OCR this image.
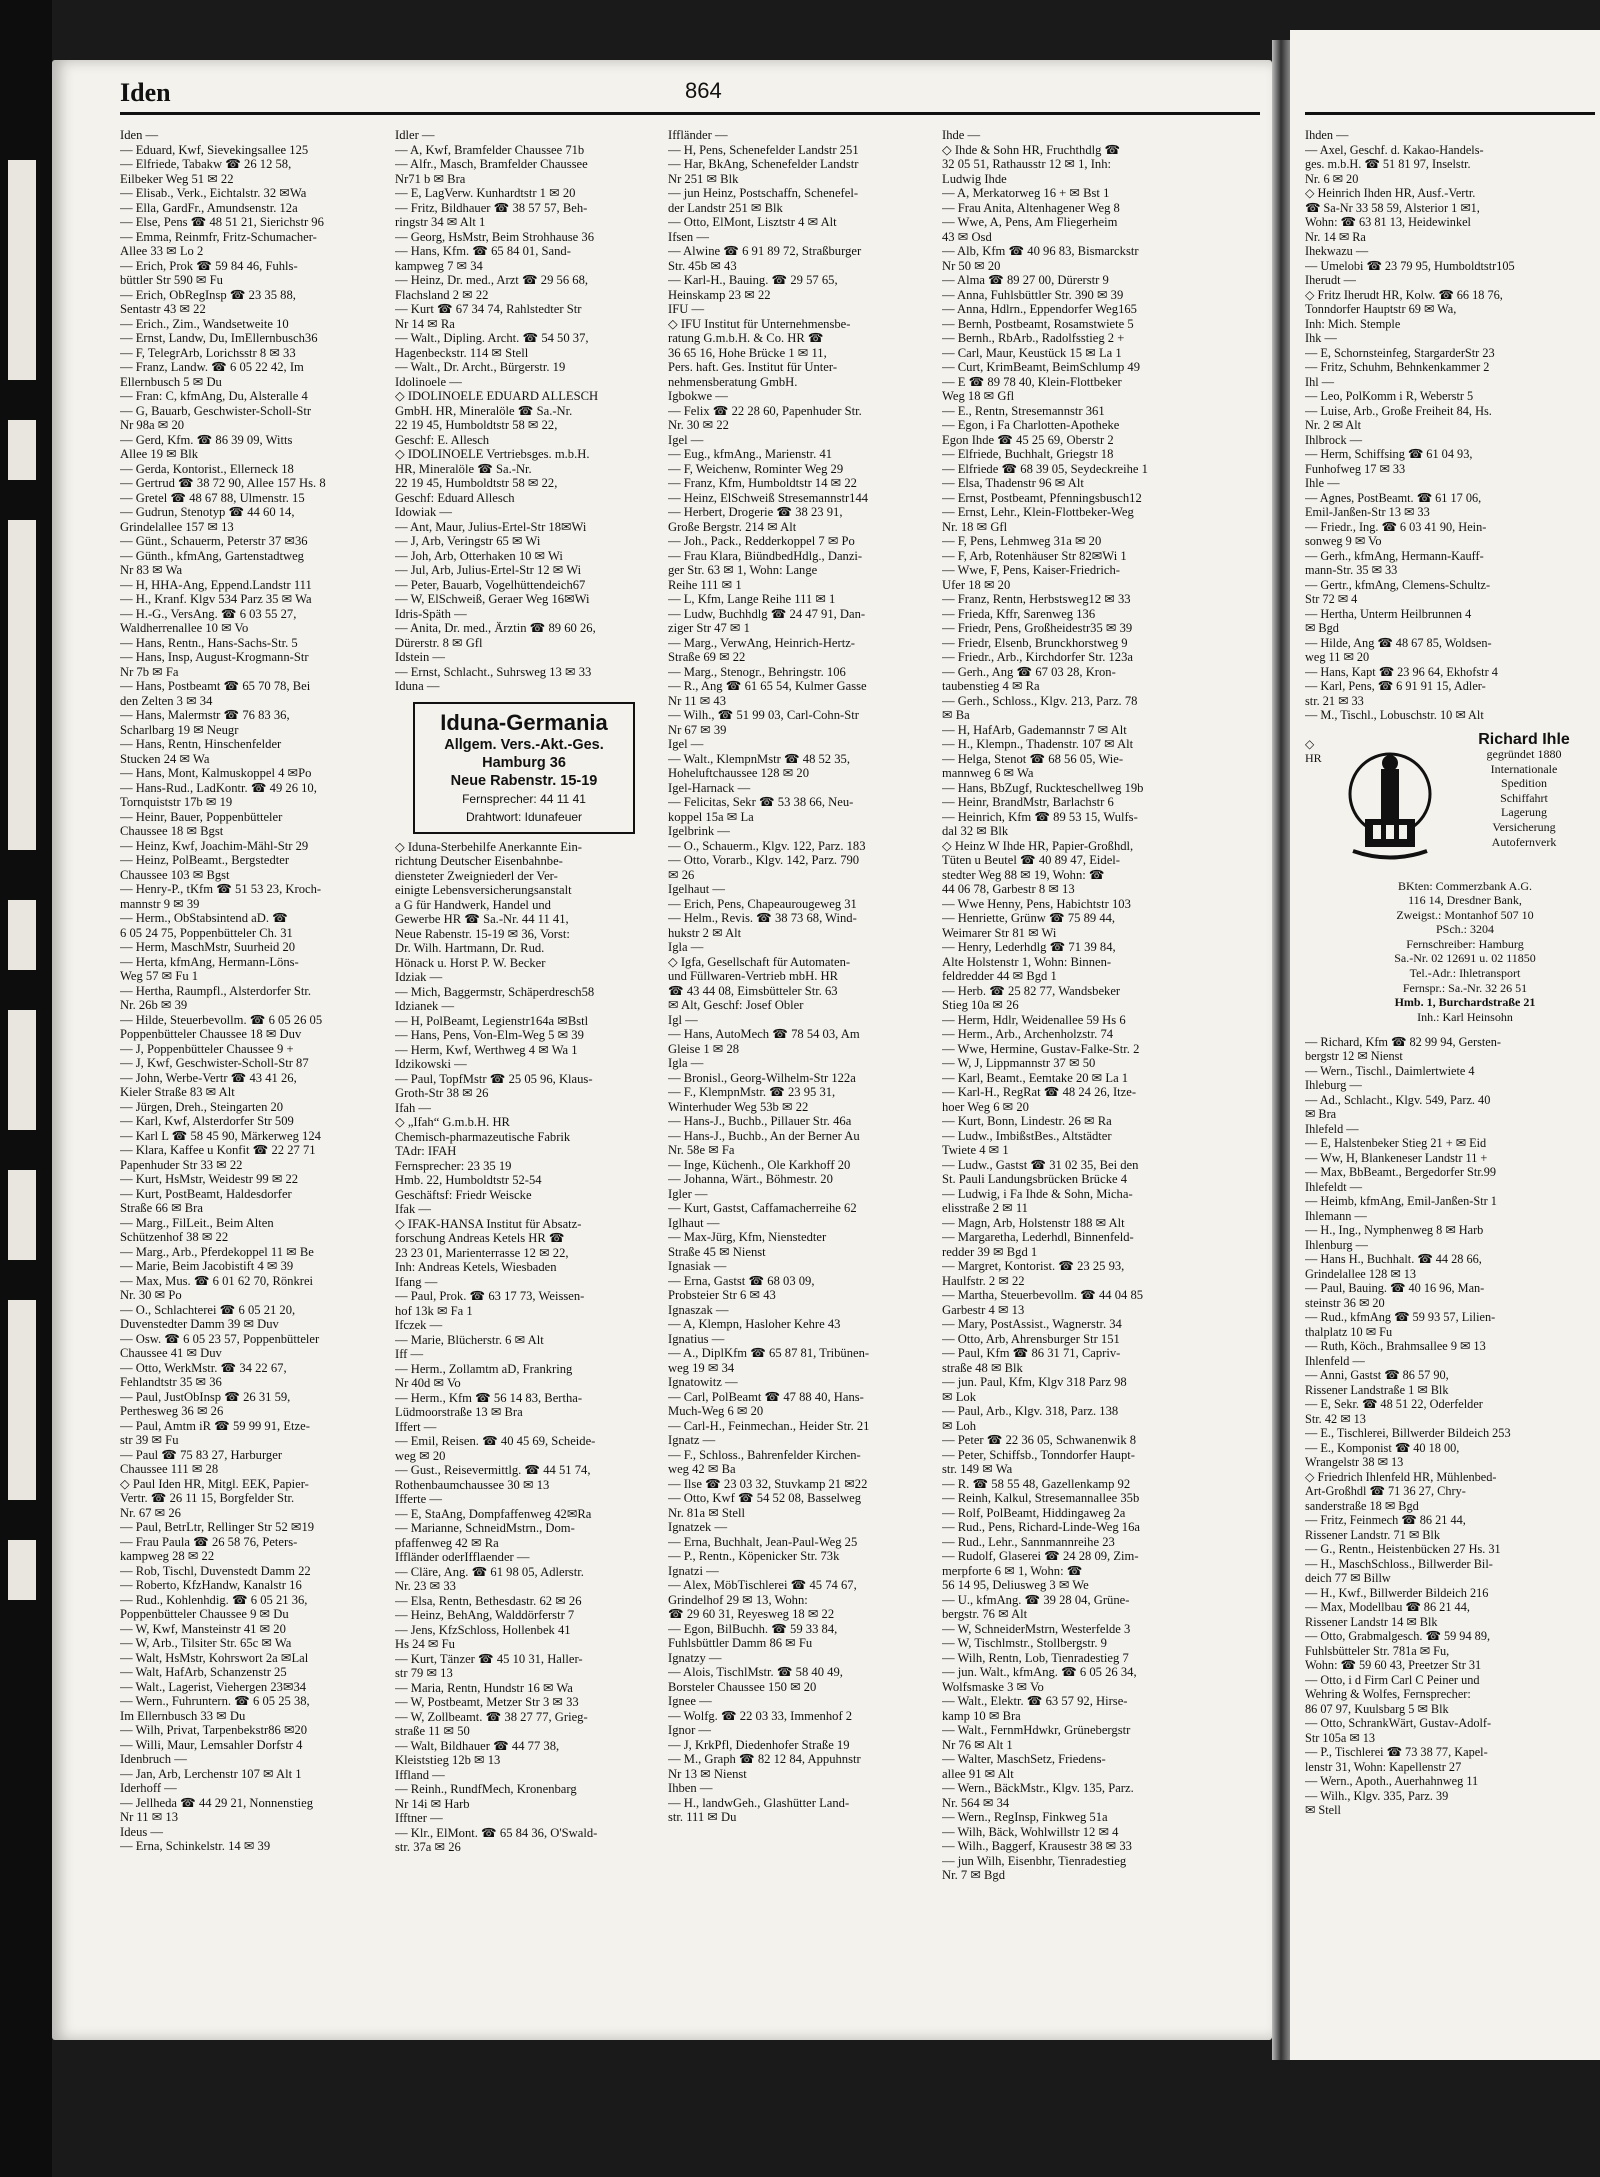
Iden	864

Iden —

— Eduard, Kwf, Sievekingsallee 125

— Elfriede, Tabakw ☎ 26 12 58,

Eilbeker Weg 51 ✉ 22

— Elisab., Verk., Eichtalstr. 32 ✉Wa

— Ella, GardFr., Amundsenstr. 12a

— Else, Pens ☎ 48 51 21, Sierichstr 96

— Emma, Reinmfr, Fritz-Schumacher-

Allee 33 ✉ Lo 2

— Erich, Prok ☎ 59 84 46, Fuhls-

büttler Str 590 ✉ Fu

— Erich, ObRegInsp ☎ 23 35 88,

Sentastr 43 ✉ 22

— Erich., Zim., Wandsetweite 10

— Ernst, Landw, Du, ImEllernbusch36

— F, TelegrArb, Lorichsstr 8 ✉ 33

— Franz, Landw. ☎ 6 05 22 42, Im

Ellernbusch 5 ✉ Du

— Fran: C, kfmAng, Du, Alsteralle 4

— G, Bauarb, Geschwister-Scholl-Str

Nr 98a ✉ 20

— Gerd, Kfm. ☎ 86 39 09, Witts

Allee 19 ✉ Blk

— Gerda, Kontorist., Ellerneck 18

— Gertrud ☎ 38 72 90, Allee 157 Hs. 8

— Gretel ☎ 48 67 88, Ulmenstr. 15

— Gudrun, Stenotyp ☎ 44 60 14,

Grindelallee 157 ✉ 13

— Günt., Schauerm, Peterstr 37 ✉36

— Günth., kfmAng, Gartenstadtweg

Nr 83 ✉ Wa

— H, HHA-Ang, Eppend.Landstr 111

— H., Kranf. Klgv 534 Parz 35 ✉ Wa

— H.-G., VersAng. ☎ 6 03 55 27,

Waldherrenallee 10 ✉ Vo

— Hans, Rentn., Hans-Sachs-Str. 5

— Hans, Insp, August-Krogmann-Str

Nr 7b ✉ Fa

— Hans, Postbeamt ☎ 65 70 78, Bei

den Zelten 3 ✉ 34

— Hans, Malermstr ☎ 76 83 36,

Scharlbarg 19 ✉ Neugr

— Hans, Rentn, Hinschenfelder

Stucken 24 ✉ Wa

— Hans, Mont, Kalmuskoppel 4 ✉Po

— Hans-Rud., LadKontr. ☎ 49 26 10,

Tornquiststr 17b ✉ 19

— Heinr, Bauer, Poppenbütteler

Chaussee 18 ✉ Bgst

— Heinz, Kwf, Joachim-Mähl-Str 29

— Heinz, PolBeamt., Bergstedter

Chaussee 103 ✉ Bgst

— Henry-P., tKfm ☎ 51 53 23, Kroch-

mannstr 9 ✉ 39

— Herm., ObStabsintend aD. ☎

6 05 24 75, Poppenbütteler Ch. 31

— Herm, MaschMstr, Suurheid 20

— Herta, kfmAng, Hermann-Löns-

Weg 57 ✉ Fu 1

— Hertha, Raumpfl., Alsterdorfer Str.

Nr. 26b ✉ 39

— Hilde, Steuerbevollm. ☎ 6 05 26 05

Poppenbütteler Chaussee 18 ✉ Duv

— J, Poppenbütteler Chaussee 9 +

— J, Kwf, Geschwister-Scholl-Str 87

— John, Werbe-Vertr ☎ 43 41 26,

Kieler Straße 83 ✉ Alt

— Jürgen, Dreh., Steingarten 20

— Karl, Kwf, Alsterdorfer Str 509

— Karl L ☎ 58 45 90, Märkerweg 124

— Klara, Kaffee u Konfit ☎ 22 27 71

Papenhuder Str 33 ✉ 22

— Kurt, HsMstr, Weidestr 99 ✉ 22

— Kurt, PostBeamt, Haldesdorfer

Straße 66 ✉ Bra

— Marg., FilLeit., Beim Alten

Schützenhof 38 ✉ 22

— Marg., Arb., Pferdekoppel 11 ✉ Be

— Marie, Beim Jacobistift 4 ✉ 39

— Max, Mus. ☎ 6 01 62 70, Rönkrei

Nr. 30 ✉ Po

— O., Schlachterei ☎ 6 05 21 20,

Duvenstedter Damm 39 ✉ Duv

— Osw. ☎ 6 05 23 57, Poppenbütteler

Chaussee 41 ✉ Duv

— Otto, WerkMstr. ☎ 34 22 67,

Fehlandtstr 35 ✉ 36

— Paul, JustObInsp ☎ 26 31 59,

Perthesweg 36 ✉ 26

— Paul, Amtm iR ☎ 59 99 91, Etze-

str 39 ✉ Fu

— Paul ☎ 75 83 27, Harburger

Chaussee 111 ✉ 28

◇ Paul Iden HR, Mitgl. EEK, Papier-

Vertr. ☎ 26 11 15, Borgfelder Str.

Nr. 67 ✉ 26

— Paul, BetrLtr, Rellinger Str 52 ✉19

— Frau Paula ☎ 26 58 76, Peters-

kampweg 28 ✉ 22

— Rob, Tischl, Duvenstedt Damm 22

— Roberto, KfzHandw, Kanalstr 16

— Rud., Kohlenhdig. ☎ 6 05 21 36,

Poppenbütteler Chaussee 9 ✉ Du

— W, Kwf, Mansteinstr 41 ✉ 20

— W, Arb., Tilsiter Str. 65c ✉ Wa

— Walt, HsMstr, Kohrswort 2a ✉Lal

— Walt, HafArb, Schanzenstr 25

— Walt., Lagerist, Viehergen 23✉34

— Wern., Fuhruntern. ☎ 6 05 25 38,

Im Ellernbusch 33 ✉ Du

— Wilh, Privat, Tarpenbekstr86 ✉20

— Willi, Maur, Lemsahler Dorfstr 4

Idenbruch —

— Jan, Arb, Lerchenstr 107 ✉ Alt 1

Iderhoff —

— Jellheda ☎ 44 29 21, Nonnenstieg

Nr 11 ✉ 13

Ideus —

— Erna, Schinkelstr. 14 ✉ 39

Idler —

— A, Kwf, Bramfelder Chaussee 71b

— Alfr., Masch, Bramfelder Chaussee

Nr71 b ✉ Bra

— E, LagVerw. Kunhardtstr 1 ✉ 20

— Fritz, Bildhauer ☎ 38 57 57, Beh-

ringstr 34 ✉ Alt 1

— Georg, HsMstr, Beim Strohhause 36

— Hans, Kfm. ☎ 65 84 01, Sand-

kampweg 7 ✉ 34

— Heinz, Dr. med., Arzt ☎ 29 56 68,

Flachsland 2 ✉ 22

— Kurt ☎ 67 34 74, Rahlstedter Str

Nr 14 ✉ Ra

— Walt., Dipling. Archt. ☎ 54 50 37,

Hagenbeckstr. 114 ✉ Stell

— Walt., Dr. Archt., Bürgerstr. 19

Idolinoele —

◇ IDOLINOELE EDUARD ALLESCH

GmbH. HR, Mineralöle ☎ Sa.-Nr.

22 19 45, Humboldtstr 58 ✉ 22,

Geschf: E. Allesch

◇ IDOLINOELE Vertriebsges. m.b.H.

HR, Mineralöle ☎ Sa.-Nr.

22 19 45, Humboldtstr 58 ✉ 22,

Geschf: Eduard Allesch

Idowiak —

— Ant, Maur, Julius-Ertel-Str 18✉Wi

— J, Arb, Veringstr 65 ✉ Wi

— Joh, Arb, Otterhaken 10 ✉ Wi

— Jul, Arb, Julius-Ertel-Str 12 ✉ Wi

— Peter, Bauarb, Vogelhüttendeich67

— W, ElSchweiß, Geraer Weg 16✉Wi

Idris-Späth —

— Anita, Dr. med., Ärztin ☎ 89 60 26,

Dürerstr. 8 ✉ Gfl

Idstein —

— Ernst, Schlacht., Suhrsweg 13 ✉ 33

Iduna —

Iduna-Germania
Allgem. Vers.-Akt.-Ges.
Hamburg 36
Neue Rabenstr. 15-19
Fernsprecher: 44 11 41
Drahtwort: Idunafeuer

◇ Iduna-Sterbehilfe Anerkannte Ein-

richtung Deutscher Eisenbahnbe-

diensteter Zweigniederl der Ver-

einigte Lebensversicherungsanstalt

a G für Handwerk, Handel und

Gewerbe HR ☎ Sa.-Nr. 44 11 41,

Neue Rabenstr. 15-19 ✉ 36, Vorst:

Dr. Wilh. Hartmann, Dr. Rud.

Hönack u. Horst P. W. Becker

Idziak —

— Mich, Baggermstr, Schäperdresch58

Idzianek —

— H, PolBeamt, Legienstr164a ✉Bstl

— Hans, Pens, Von-Elm-Weg 5 ✉ 39

— Herm, Kwf, Werthweg 4 ✉ Wa 1

Idzikowski —

— Paul, TopfMstr ☎ 25 05 96, Klaus-

Groth-Str 38 ✉ 26

Ifah —

◇ „Ifah“ G.m.b.H. HR

Chemisch-pharmazeutische Fabrik

TAdr: IFAH

Fernsprecher: 23 35 19

Hmb. 22, Humboldtstr 52-54

Geschäftsf: Friedr Weiscke

Ifak —

◇ IFAK-HANSA Institut für Absatz-

forschung Andreas Ketels HR ☎

23 23 01, Marienterrasse 12 ✉ 22,

Inh: Andreas Ketels, Wiesbaden

Ifang —

— Paul, Prok. ☎ 63 17 73, Weissen-

hof 13k ✉ Fa 1

Ifczek —

— Marie, Blücherstr. 6 ✉ Alt

Iff —

— Herm., Zollamtm aD, Frankring

Nr 40d ✉ Vo

— Herm., Kfm ☎ 56 14 83, Bertha-

Lüdmoorstraße 13 ✉ Bra

Iffert —

— Emil, Reisen. ☎ 40 45 69, Scheide-

weg ✉ 20

— Gust., Reisevermittlg. ☎ 44 51 74,

Rothenbaumchaussee 30 ✉ 13

Ifferte —

— E, StaAng, Dompfaffenweg 42✉Ra

— Marianne, SchneidMstrn., Dom-

pfaffenweg 42 ✉ Ra

Iffländer oderIfflaender —

— Cläre, Ang. ☎ 61 98 05, Adlerstr.

Nr. 23 ✉ 33

— Elsa, Rentn, Bethesdastr. 62 ✉ 26

— Heinz, BehAng, Walddörferstr 7

— Jens, KfzSchloss, Hollenbek 41

Hs 24 ✉ Fu

— Kurt, Tänzer ☎ 45 10 31, Haller-

str 79 ✉ 13

— Maria, Rentn, Hundstr 16 ✉ Wa

— W, Postbeamt, Metzer Str 3 ✉ 33

— W, Zollbeamt. ☎ 38 27 77, Grieg-

straße 11 ✉ 50

— Walt, Bildhauer ☎ 44 77 38,

Kleiststieg 12b ✉ 13

Iffland —

— Reinh., RundfMech, Kronenbarg

Nr 14i ✉ Harb

Ifftner —

— Klr., ElMont. ☎ 65 84 36, O'Swald-

str. 37a ✉ 26

Iffländer —

— H, Pens, Schenefelder Landstr 251

— Har, BkAng, Schenefelder Landstr

Nr 251 ✉ Blk

— jun Heinz, Postschaffn, Schenefel-

der Landstr 251 ✉ Blk

— Otto, ElMont, Lisztstr 4 ✉ Alt

Ifsen —

— Alwine ☎ 6 91 89 72, Straßburger

Str. 45b ✉ 43

— Karl-H., Bauing. ☎ 29 57 65,

Heinskamp 23 ✉ 22

IFU —

◇ IFU Institut für Unternehmensbe-

ratung G.m.b.H. & Co. HR ☎

36 65 16, Hohe Brücke 1 ✉ 11,

Pers. haft. Ges. Institut für Unter-

nehmensberatung GmbH.

Igbokwe —

— Felix ☎ 22 28 60, Papenhuder Str.

Nr. 30 ✉ 22

Igel —

— Eug., kfmAng., Marienstr. 41

— F, Weichenw, Rominter Weg 29

— Franz, Kfm, Humboldtstr 14 ✉ 22

— Heinz, ElSchweiß Stresemannstr144

— Herbert, Drogerie ☎ 38 23 91,

Große Bergstr. 214 ✉ Alt

— Joh., Pack., Redderkoppel 7 ✉ Po

— Frau Klara, BiündbedHdlg., Danzi-

ger Str. 63 ✉ 1, Wohn: Lange

Reihe 111 ✉ 1

— L, Kfm, Lange Reihe 111 ✉ 1

— Ludw, Buchhdlg ☎ 24 47 91, Dan-

ziger Str 47 ✉ 1

— Marg., VerwAng, Heinrich-Hertz-

Straße 69 ✉ 22

— Marg., Stenogr., Behringstr. 106

— R., Ang ☎ 61 65 54, Kulmer Gasse

Nr 11 ✉ 43

— Wilh., ☎ 51 99 03, Carl-Cohn-Str

Nr 67 ✉ 39

Igel —

— Walt., KlempnMstr ☎ 48 52 35,

Hoheluftchaussee 128 ✉ 20

Igel-Harnack —

— Felicitas, Sekr ☎ 53 38 66, Neu-

koppel 15a ✉ La

Igelbrink —

— O., Schauerm., Klgv. 122, Parz. 183

— Otto, Vorarb., Klgv. 142, Parz. 790

✉ 26

Igelhaut —

— Erich, Pens, Chapeaurougeweg 31

— Helm., Revis. ☎ 38 73 68, Wind-

hukstr 2 ✉ Alt

Igla —

◇ Igfa, Gesellschaft für Automaten-

und Füllwaren-Vertrieb mbH. HR

☎ 43 44 08, Eimsbütteler Str. 63

✉ Alt, Geschf: Josef Obler

Igl —

— Hans, AutoMech ☎ 78 54 03, Am

Gleise 1 ✉ 28

Igla —

— Bronisl., Georg-Wilhelm-Str 122a

— F., KlempnMstr. ☎ 23 95 31,

Winterhuder Weg 53b ✉ 22

— Hans-J., Buchb., Pillauer Str. 46a

— Hans-J., Buchb., An der Berner Au

Nr. 58e ✉ Fa

— Inge, Küchenh., Ole Karkhoff 20

— Johanna, Wärt., Böhmestr. 20

Igler —

— Kurt, Gastst, Caffamacherreihe 62

Iglhaut —

— Max-Jürg, Kfm, Nienstedter

Straße 45 ✉ Nienst

Ignasiak —

— Erna, Gastst ☎ 68 03 09,

Probsteier Str 6 ✉ 43

Ignaszak —

— A, Klempn, Hasloher Kehre 43

Ignatius —

— A., DiplKfm ☎ 65 87 81, Tribünen-

weg 19 ✉ 34

Ignatowitz —

— Carl, PolBeamt ☎ 47 88 40, Hans-

Much-Weg 6 ✉ 20

— Carl-H., Feinmechan., Heider Str. 21

Ignatz —

— F., Schloss., Bahrenfelder Kirchen-

weg 42 ✉ Ba

— Ilse ☎ 23 03 32, Stuvkamp 21 ✉22

— Otto, Kwf ☎ 54 52 08, Basselweg

Nr. 81a ✉ Stell

Ignatzek —

— Erna, Buchhalt, Jean-Paul-Weg 25

— P., Rentn., Köpenicker Str. 73k

Ignatzi —

— Alex, MöbTischlerei ☎ 45 74 67,

Grindelhof 29 ✉ 13, Wohn:

☎ 29 60 31, Reyesweg 18 ✉ 22

— Egon, BilBuchh. ☎ 59 33 84,

Fuhlsbüttler Damm 86 ✉ Fu

Ignatzy —

— Alois, TischlMstr. ☎ 58 40 49,

Borsteler Chaussee 150 ✉ 20

Ignee —

— Wolfg. ☎ 22 03 33, Immenhof 2

Ignor —

— J, KrkPfl, Diedenhofer Straße 19

— M., Graph ☎ 82 12 84, Appuhnstr

Nr 13 ✉ Nienst

Ihben —

— H., landwGeh., Glashütter Land-

str. 111 ✉ Du

Ihde —

◇ Ihde & Sohn HR, Fruchthdlg ☎

32 05 51, Rathausstr 12 ✉ 1, Inh:

Ludwig Ihde

— A, Merkatorweg 16 + ✉ Bst 1

— Frau Anita, Altenhagener Weg 8

— Wwe, A, Pens, Am Fliegerheim

43 ✉ Osd

— Alb, Kfm ☎ 40 96 83, Bismarckstr

Nr 50 ✉ 20

— Alma ☎ 89 27 00, Dürerstr 9

— Anna, Fuhlsbüttler Str. 390 ✉ 39

— Anna, Hdlrn., Eppendorfer Weg165

— Bernh, Postbeamt, Rosamstwiete 5

— Bernh., RbArb., Radolfsstieg 2 +

— Carl, Maur, Keustück 15 ✉ La 1

— Curt, KrimBeamt, BeimSchlump 49

— E ☎ 89 78 40, Klein-Flottbeker

Weg 18 ✉ Gfl

— E., Rentn, Stresemannstr 361

— Egon, i Fa Charlotten-Apotheke

Egon Ihde ☎ 45 25 69, Oberstr 2

— Elfriede, Buchhalt, Griegstr 18

— Elfriede ☎ 68 39 05, Seydeckreihe 1

— Elsa, Thadenstr 96 ✉ Alt

— Ernst, Postbeamt, Pfenningsbusch12

— Ernst, Lehr., Klein-Flottbeker-Weg

Nr. 18 ✉ Gfl

— F, Pens, Lehmweg 31a ✉ 20

— F, Arb, Rotenhäuser Str 82✉Wi 1

— Wwe, F, Pens, Kaiser-Friedrich-

Ufer 18 ✉ 20

— Franz, Rentn, Herbstsweg12 ✉ 33

— Frieda, Kffr, Sarenweg 136

— Friedr, Pens, Großheidestr35 ✉ 39

— Friedr, Elsenb, Brunckhorstweg 9

— Friedr., Arb., Kirchdorfer Str. 123a

— Gerh., Ang ☎ 67 03 28, Kron-

taubenstieg 4 ✉ Ra

— Gerh., Schloss., Klgv. 213, Parz. 78

✉ Ba

— H, HafArb, Gademannstr 7 ✉ Alt

— H., Klempn., Thadenstr. 107 ✉ Alt

— Helga, Stenot ☎ 68 56 05, Wie-

mannweg 6 ✉ Wa

— Hans, BbZugf, Ruckteschellweg 19b

— Heinr, BrandMstr, Barlachstr 6

— Heinrich, Kfm ☎ 89 53 15, Wulfs-

dal 32 ✉ Blk

◇ Heinz W Ihde HR, Papier-Großhdl,

Tüten u Beutel ☎ 40 89 47, Eidel-

stedter Weg 88 ✉ 19, Wohn: ☎

44 06 78, Garbestr 8 ✉ 13

— Wwe Henny, Pens, Habichtstr 103

— Henriette, Grünw ☎ 75 89 44,

Weimarer Str 81 ✉ Wi

— Henry, Lederhdlg ☎ 71 39 84,

Alte Holstenstr 1, Wohn: Binnen-

feldredder 44 ✉ Bgd 1

— Herb. ☎ 25 82 77, Wandsbeker

Stieg 10a ✉ 26

— Herm, Hdlr, Weidenallee 59 Hs 6

— Herm., Arb., Archenholzstr. 74

— Wwe, Hermine, Gustav-Falke-Str. 2

— W, J, Lippmannstr 37 ✉ 50

— Karl, Beamt., Eemtake 20 ✉ La 1

— Karl-H., RegRat ☎ 48 24 26, Itze-

hoer Weg 6 ✉ 20

— Kurt, Bonn, Lindestr. 26 ✉ Ra

— Ludw., ImbißstBes., Altstädter

Twiete 4 ✉ 1

— Ludw., Gastst ☎ 31 02 35, Bei den

St. Pauli Landungsbrücken Brücke 4

— Ludwig, i Fa Ihde & Sohn, Micha-

elisstraße 2 ✉ 11

— Magn, Arb, Holstenstr 188 ✉ Alt

— Margaretha, Lederhdl, Binnenfeld-

redder 39 ✉ Bgd 1

— Margret, Kontorist. ☎ 23 25 93,

Haulfstr. 2 ✉ 22

— Martha, Steuerbevollm. ☎ 44 04 85

Garbestr 4 ✉ 13

— Mary, PostAssist., Wagnerstr. 34

— Otto, Arb, Ahrensburger Str 151

— Paul, Kfm ☎ 86 31 71, Capriv-

straße 48 ✉ Blk

— jun. Paul, Kfm, Klgv 318 Parz 98

✉ Lok

— Paul, Arb., Klgv. 318, Parz. 138

✉ Loh

— Peter ☎ 22 36 05, Schwanenwik 8

— Peter, Schiffsb., Tonndorfer Haupt-

str. 149 ✉ Wa

— R. ☎ 58 55 48, Gazellenkamp 92

— Reinh, Kalkul, Stresemannallee 35b

— Rolf, PolBeamt, Hiddingaweg 2a

— Rud., Pens, Richard-Linde-Weg 16a

— Rud., Lehr., Sannmannreihe 23

— Rudolf, Glaserei ☎ 24 28 09, Zim-

merpforte 6 ✉ 1, Wohn: ☎

56 14 95, Deliusweg 3 ✉ We

— U., kfmAng. ☎ 39 28 04, Grüne-

bergstr. 76 ✉ Alt

— W, SchneiderMstrn, Westerfelde 3

— W, Tischlmstr., Stollbergstr. 9

— Wilh, Rentn, Lob, Tienradestieg 7

— jun. Walt., kfmAng. ☎ 6 05 26 34,

Wolfsmaske 3 ✉ Vo

— Walt., Elektr. ☎ 63 57 92, Hirse-

kamp 10 ✉ Bra

— Walt., FernmHdwkr, Grünebergstr

Nr 76 ✉ Alt 1

— Walter, MaschSetz, Friedens-

allee 91 ✉ Alt

— Wern., BäckMstr., Klgv. 135, Parz.

Nr. 564 ✉ 34

— Wern., RegInsp, Finkweg 51a

— Wilh, Bäck, Wohlwillstr 12 ✉ 4

— Wilh., Baggerf, Krausestr 38 ✉ 33

— jun Wilh, Eisenbhr, Tienradestieg

Nr. 7 ✉ Bgd

Ihden —

— Axel, Geschf. d. Kakao-Handels-

ges. m.b.H. ☎ 51 81 97, Inselstr.

Nr. 6 ✉ 20

◇ Heinrich Ihden HR, Ausf.-Vertr.

☎ Sa-Nr 33 58 59, Alsterior 1 ✉1,

Wohn: ☎ 63 81 13, Heidewinkel

Nr. 14 ✉ Ra

Ihekwazu —

— Umelobi ☎ 23 79 95, Humboldtstr105

Iherudt —

◇ Fritz Iherudt HR, Kolw. ☎ 66 18 76,

Tonndorfer Hauptstr 69 ✉ Wa,

Inh: Mich. Stemple

Ihk —

— E, Schornsteinfeg, StargarderStr 23

— Fritz, Schuhm, Behnkenkammer 2

Ihl —

— Leo, PolKomm i R, Weberstr 5

— Luise, Arb., Große Freiheit 84, Hs.

Nr. 2 ✉ Alt

Ihlbrock —

— Herm, Schiffsing ☎ 61 04 93,

Funhofweg 17 ✉ 33

Ihle —

— Agnes, PostBeamt. ☎ 61 17 06,

Emil-Janßen-Str 13 ✉ 33

— Friedr., Ing. ☎ 6 03 41 90, Hein-

sonweg 9 ✉ Vo

— Gerh., kfmAng, Hermann-Kauff-

mann-Str. 35 ✉ 33

— Gertr., kfmAng, Clemens-Schultz-

Str 72 ✉ 4

— Hertha, Unterm Heilbrunnen 4

✉ Bgd

— Hilde, Ang ☎ 48 67 85, Woldsen-

weg 11 ✉ 20

— Hans, Kapt ☎ 23 96 64, Ekhofstr 4

— Karl, Pens, ☎ 6 91 91 15, Adler-

str. 21 ✉ 33

— M., Tischl., Lobuschstr. 10 ✉ Alt

◇
HR
Richard Ihle
gegründet 1880
Internationale
Spedition
Schiffahrt
Lagerung
Versicherung
Autofernverk
BKten: Commerzbank A.G.
116 14, Dresdner Bank,
Zweigst.: Montanhof 507 10
PSch.: 3204
Fernschreiber: Hamburg
Sa.-Nr. 02 12691 u. 02 11850
Tel.-Adr.: Ihletransport
Fernspr.: Sa.-Nr. 32 26 51
Hmb. 1, Burchardstraße 21
Inh.: Karl Heinsohn

— Richard, Kfm ☎ 82 99 94, Gersten-

bergstr 12 ✉ Nienst

— Wern., Tischl., Daimlertwiete 4

Ihleburg —

— Ad., Schlacht., Klgv. 549, Parz. 40

✉ Bra

Ihlefeld —

— E, Halstenbeker Stieg 21 + ✉ Eid

— Ww, H, Blankeneser Landstr 11 +

— Max, BbBeamt., Bergedorfer Str.99

Ihlefeldt —

— Heimb, kfmAng, Emil-Janßen-Str 1

Ihlemann —

— H., Ing., Nymphenweg 8 ✉ Harb

Ihlenburg —

— Hans H., Buchhalt. ☎ 44 28 66,

Grindelallee 128 ✉ 13

— Paul, Bauing. ☎ 40 16 96, Man-

steinstr 36 ✉ 20

— Rud., kfmAng ☎ 59 93 57, Lilien-

thalplatz 10 ✉ Fu

— Ruth, Köch., Brahmsallee 9 ✉ 13

Ihlenfeld —

— Anni, Gastst ☎ 86 57 90,

Rissener Landstraße 1 ✉ Blk

— E, Sekr. ☎ 48 51 22, Oderfelder

Str. 42 ✉ 13

— E., Tischlerei, Billwerder Bildeich 253

— E., Komponist ☎ 40 18 00,

Wrangelstr 38 ✉ 13

◇ Friedrich Ihlenfeld HR, Mühlenbed-

Art-Großhdl ☎ 71 36 27, Chry-

sanderstraße 18 ✉ Bgd

— Fritz, Feinmech ☎ 86 21 44,

Rissener Landstr. 71 ✉ Blk

— G., Rentn., Heistenbücken 27 Hs. 31

— H., MaschSchloss., Billwerder Bil-

deich 77 ✉ Billw

— H., Kwf., Billwerder Bildeich 216

— Max, Modellbau ☎ 86 21 44,

Rissener Landstr 14 ✉ Blk

— Otto, Grabmalgesch. ☎ 59 94 89,

Fuhlsbütteler Str. 781a ✉ Fu,

Wohn: ☎ 59 60 43, Preetzer Str 31

— Otto, i d Firm Carl C Peiner und

Wehring & Wolfes, Fernsprecher:

86 07 97, Kuulsbarg 5 ✉ Blk

— Otto, SchrankWärt, Gustav-Adolf-

Str 105a ✉ 13

— P., Tischlerei ☎ 73 38 77, Kapel-

lenstr 31, Wohn: Kapellenstr 27

— Wern., Apoth., Auerhahnweg 11

— Wilh., Klgv. 335, Parz. 39

✉ Stell
